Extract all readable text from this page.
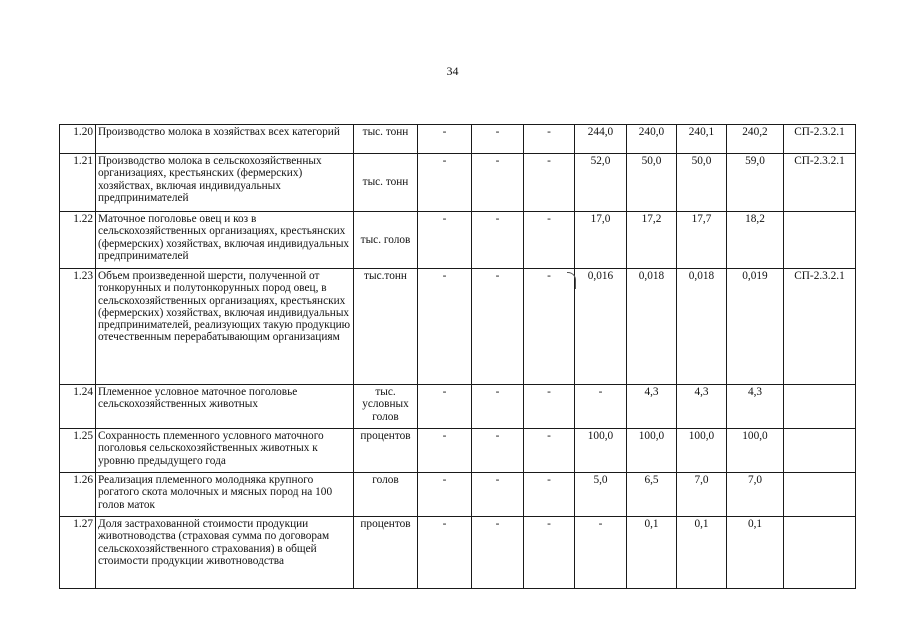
34
1.20	Производство молока в хозяйствах всех категорий	тыс. тонн	-	-	-	244,0	240,0	240,1	240,2	СП-2.3.2.1
1.21	Производство молока в сельскохозяйственных организациях, крестьянских (фермерских) хозяйствах, включая индивидуальных предпринимателей	тыс. тонн	-	-	-	52,0	50,0	50,0	59,0	СП-2.3.2.1
1.22	Маточное поголовье овец и коз в сельскохозяйственных организациях, крестьянских (фермерских) хозяйствах, включая индивидуальных предпринимателей	тыс. голов	-	-	-	17,0	17,2	17,7	18,2	
1.23	Объем произведенной шерсти, полученной от тонкорунных и полутонкорунных пород овец, в сельскохозяйственных организациях, крестьянских (фермерских) хозяйствах, включая индивидуальных предпринимателей, реализующих такую продукцию отечественным перерабатывающим организациям	тыс.тонн	-	-	-	0,016	0,018	0,018	0,019	СП-2.3.2.1
1.24	Племенное условное маточное поголовье сельскохозяйственных животных	тыс. условных голов	-	-	-	-	4,3	4,3	4,3	
1.25	Сохранность племенного условного маточного поголовья сельскохозяйственных животных к уровню предыдущего года	процентов	-	-	-	100,0	100,0	100,0	100,0	
1.26	Реализация племенного молодняка крупного рогатого скота молочных и мясных пород на 100 голов маток	голов	-	-	-	5,0	6,5	7,0	7,0	
1.27	Доля застрахованной стоимости продукции животноводства (страховая сумма по договорам сельскохозяйственного страхования) в общей стоимости продукции животноводства	процентов	-	-	-	-	0,1	0,1	0,1	
